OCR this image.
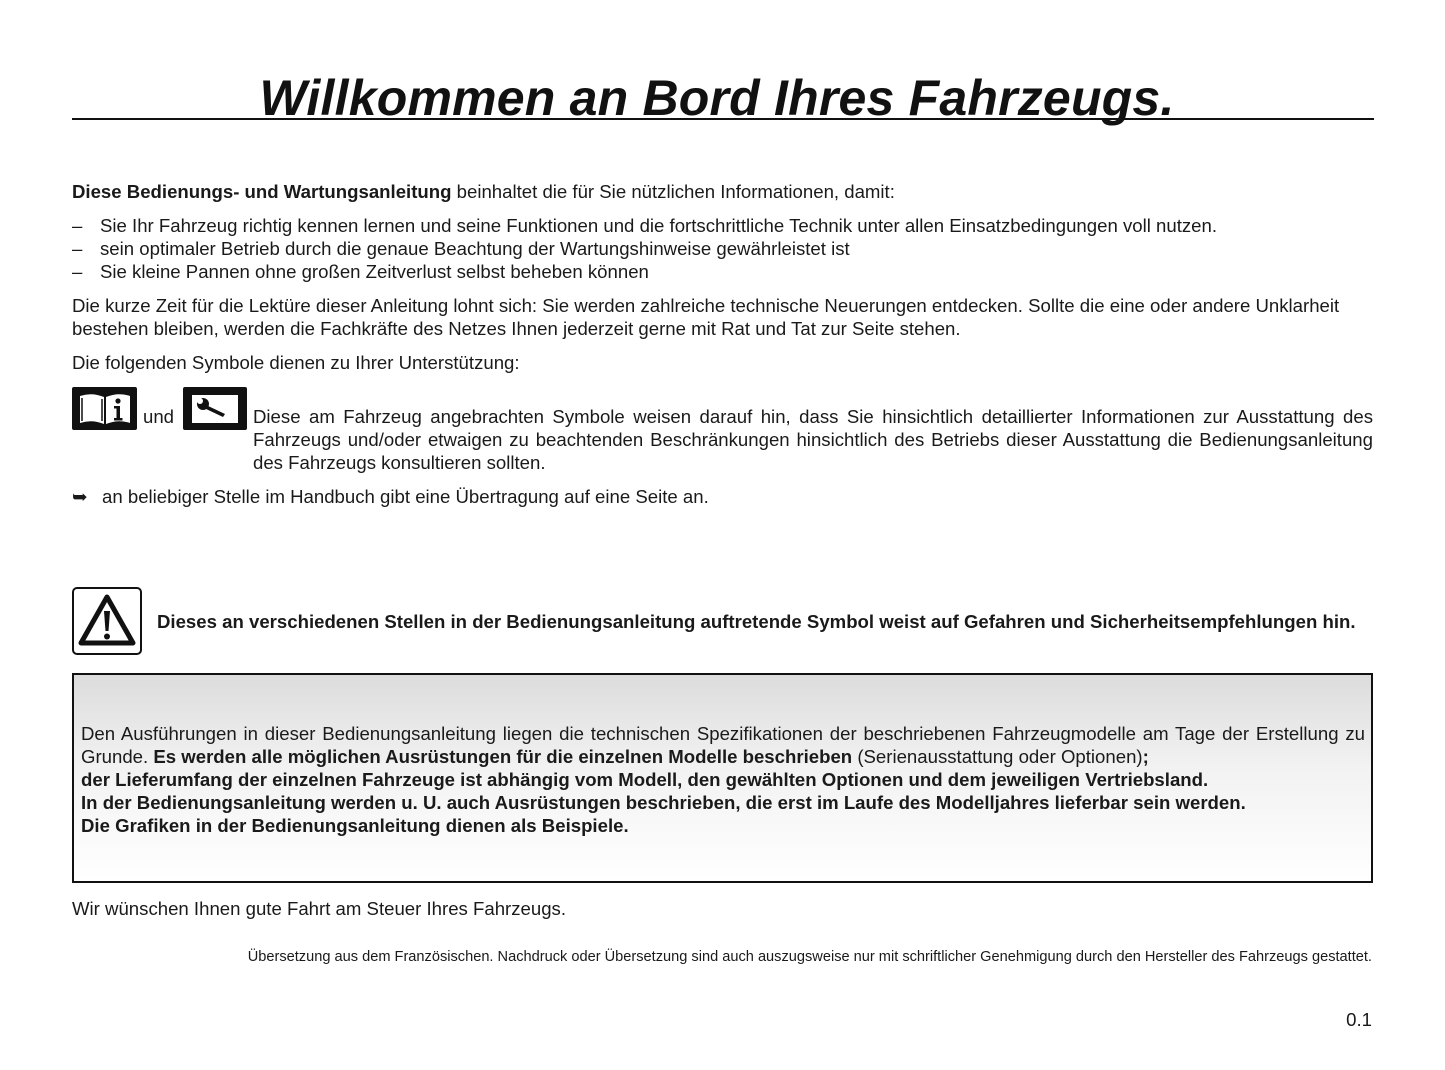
Willkommen an Bord Ihres Fahrzeugs.
Diese Bedienungs- und Wartungsanleitung beinhaltet die für Sie nützlichen Informationen, damit:
– Sie Ihr Fahrzeug richtig kennen lernen und seine Funktionen und die fortschrittliche Technik unter allen Einsatzbedingungen voll nutzen.
– sein optimaler Betrieb durch die genaue Beachtung der Wartungshinweise gewährleistet ist
– Sie kleine Pannen ohne großen Zeitverlust selbst beheben können
Die kurze Zeit für die Lektüre dieser Anleitung lohnt sich: Sie werden zahlreiche technische Neuerungen entdecken. Sollte die eine oder andere Unklarheit bestehen bleiben, werden die Fachkräfte des Netzes Ihnen jederzeit gerne mit Rat und Tat zur Seite stehen.
Die folgenden Symbole dienen zu Ihrer Unterstützung:
und	Diese am Fahrzeug angebrachten Symbole weisen darauf hin, dass Sie hinsichtlich detaillierter Informationen zur Ausstattung des Fahrzeugs und/oder etwaigen zu beachtenden Beschränkungen hinsichtlich des Betriebs dieser Ausstattung die Bedienungsanleitung des Fahrzeugs konsultieren sollten.
➥ an beliebiger Stelle im Handbuch gibt eine Übertragung auf eine Seite an.
Dieses an verschiedenen Stellen in der Bedienungsanleitung auftretende Symbol weist auf Gefahren und Sicherheitsempfehlungen hin.
Den Ausführungen in dieser Bedienungsanleitung liegen die technischen Spezifikationen der beschriebenen Fahrzeugmodelle am Tage der Erstellung zu Grunde. Es werden alle möglichen Ausrüstungen für die einzelnen Modelle beschrieben (Serienausstattung oder Optionen);
der Lieferumfang der einzelnen Fahrzeuge ist abhängig vom Modell, den gewählten Optionen und dem jeweiligen Vertriebsland.
In der Bedienungsanleitung werden u. U. auch Ausrüstungen beschrieben, die erst im Laufe des Modelljahres lieferbar sein werden.
Die Grafiken in der Bedienungsanleitung dienen als Beispiele.
Wir wünschen Ihnen gute Fahrt am Steuer Ihres Fahrzeugs.
Übersetzung aus dem Französischen. Nachdruck oder Übersetzung sind auch auszugsweise nur mit schriftlicher Genehmigung durch den Hersteller des Fahrzeugs gestattet.
0.1
